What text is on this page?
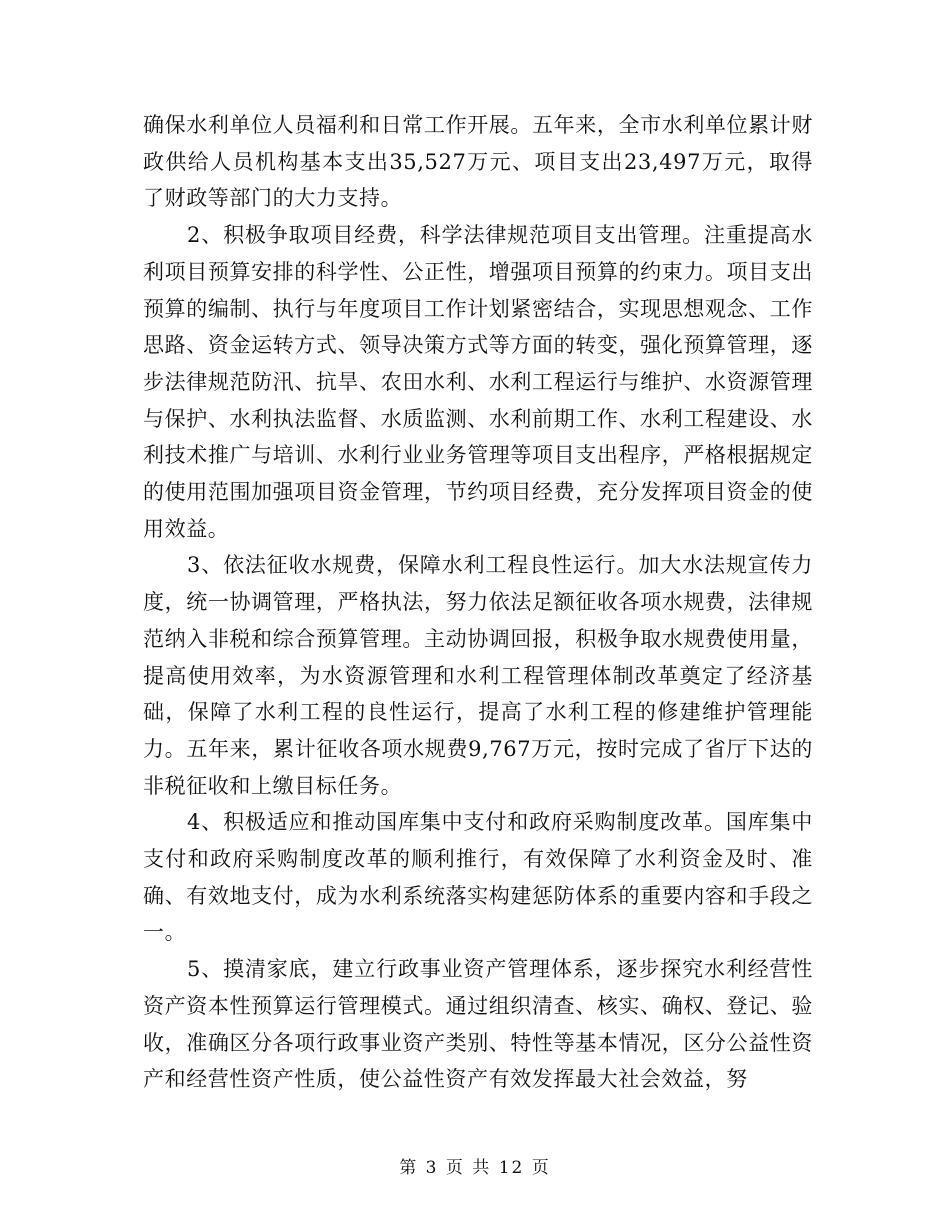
确保水利单位人员福利和日常工作开展。五年来，全市水利单位累计财政供给人员机构基本支出35,527万元、项目支出23,497万元，取得了财政等部门的大力支持。

2、积极争取项目经费，科学法律规范项目支出管理。注重提高水利项目预算安排的科学性、公正性，增强项目预算的约束力。项目支出预算的编制、执行与年度项目工作计划紧密结合，实现思想观念、工作思路、资金运转方式、领导决策方式等方面的转变，强化预算管理，逐步法律规范防汛、抗旱、农田水利、水利工程运行与维护、水资源管理与保护、水利执法监督、水质监测、水利前期工作、水利工程建设、水利技术推广与培训、水利行业业务管理等项目支出程序，严格根据规定的使用范围加强项目资金管理，节约项目经费，充分发挥项目资金的使用效益。

3、依法征收水规费，保障水利工程良性运行。加大水法规宣传力度，统一协调管理，严格执法，努力依法足额征收各项水规费，法律规范纳入非税和综合预算管理。主动协调回报，积极争取水规费使用量，提高使用效率，为水资源管理和水利工程管理体制改革奠定了经济基础，保障了水利工程的良性运行，提高了水利工程的修建维护管理能力。五年来，累计征收各项水规费9,767万元，按时完成了省厅下达的非税征收和上缴目标任务。

4、积极适应和推动国库集中支付和政府采购制度改革。国库集中支付和政府采购制度改革的顺利推行，有效保障了水利资金及时、准确、有效地支付，成为水利系统落实构建惩防体系的重要内容和手段之一。

5、摸清家底，建立行政事业资产管理体系，逐步探究水利经营性资产资本性预算运行管理模式。通过组织清查、核实、确权、登记、验收，准确区分各项行政事业资产类别、特性等基本情况，区分公益性资产和经营性资产性质，使公益性资产有效发挥最大社会效益，努

第 3 页 共 12 页
